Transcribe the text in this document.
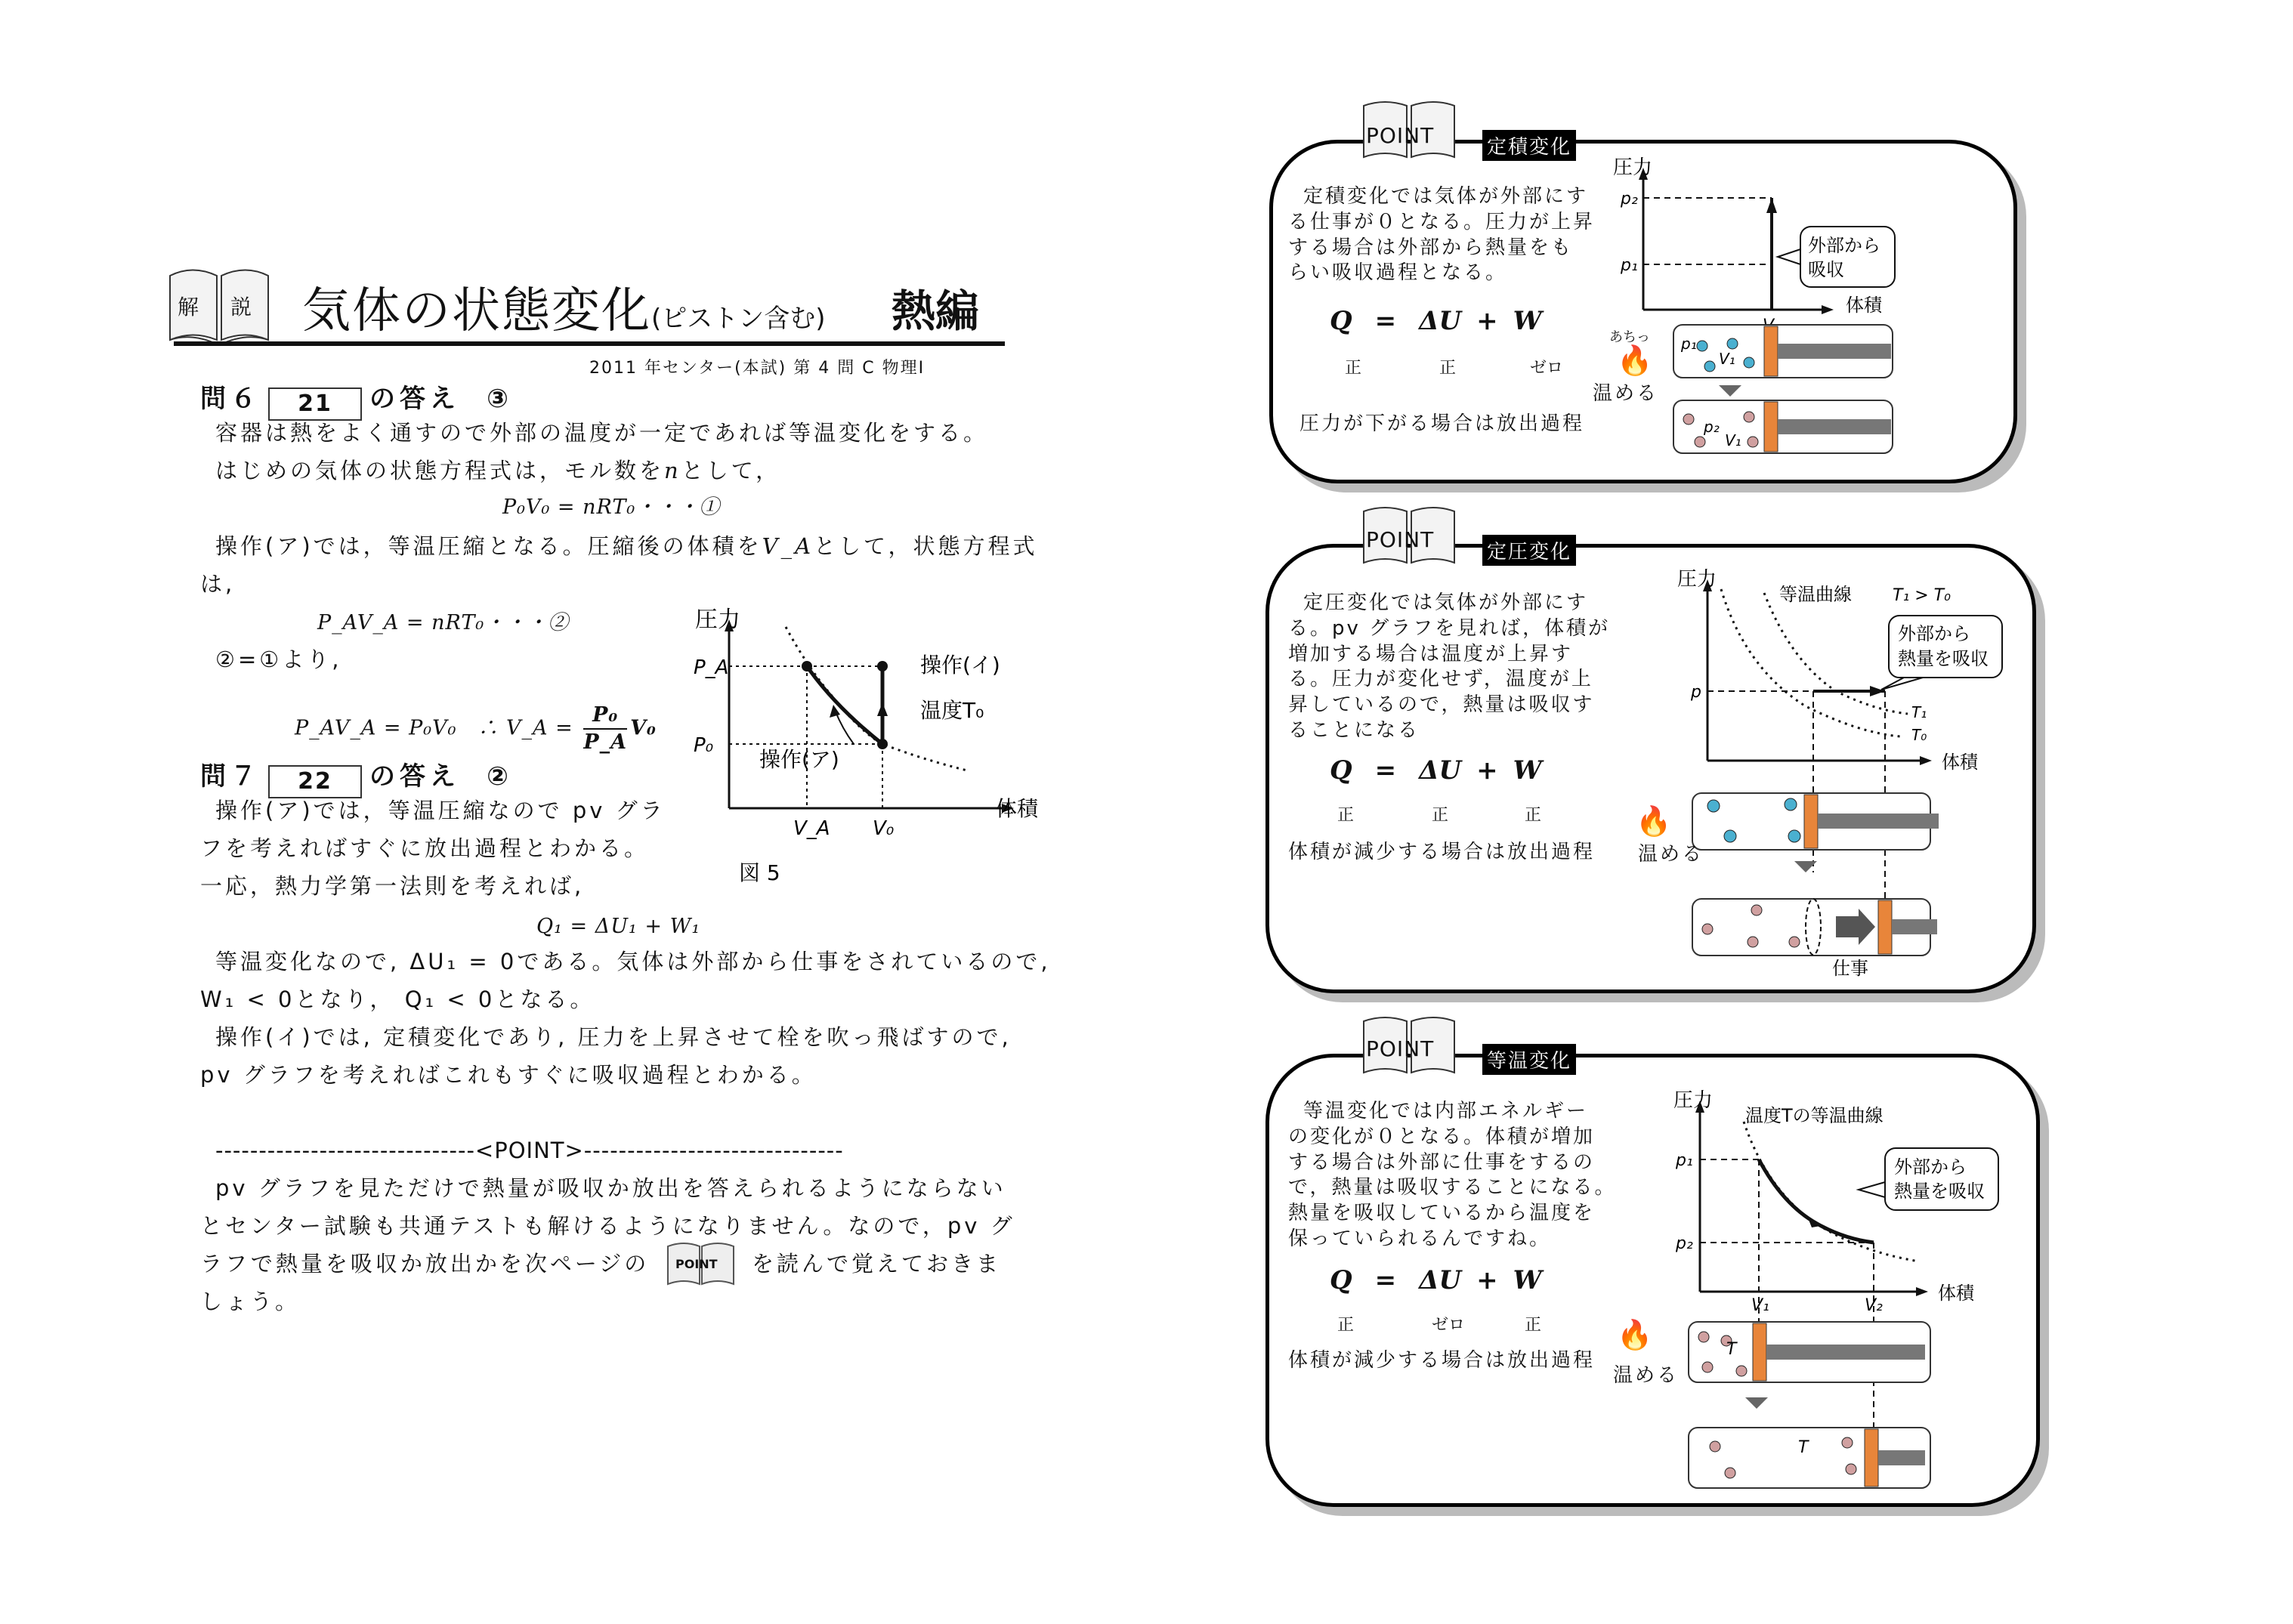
解 説 気体の状態変化(ピストン含む) 熱編
2011 年センター(本試) 第 4 問 C 物理Ⅰ
問６ 21 の答え ③
容器は熱をよく通すので外部の温度が一定であれば等温変化をする。
はじめの気体の状態方程式は，モル数をnとして，
P₀V₀ = nRT₀・・・①
操作(ア)では，等温圧縮となる。圧縮後の体積をV_Aとして，状態方程式
は,
P_AV_A = nRT₀・・・②
②=①より,
P_AV_A = P₀V₀　∴ V_A = $\frac{\text{P₀}}{P\_A} V_0$
圧力
体積
P_A
P₀
V_A V₀
操作(イ)
操作(ア)
温度T₀
図 5
問７ 22 の答え ②
操作(ア)では，等温圧縮なので pv グラ
フを考えればすぐに放出過程とわかる。
一応，熱力学第一法則を考えれば,
Q₁ = ΔU₁ + W₁
等温変化なので, ΔU₁ = 0である。気体は外部から仕事をされているので,
W₁ < 0となり， Q₁ < 0となる。
操作(イ)では, 定積変化であり, 圧力を上昇させて栓を吹っ飛ばすので,
pv グラフを考えればこれもすぐに吸収過程とわかる。
------------------------------<POINT>------------------------------
pv グラフを見ただけで熱量が吸収か放出を答えられるようにならない
とセンター試験も共通テストも解けるようになりません。なので，pv グ
ラフで熱量を吸収か放出かを次ページの POINT を読んで覚えておきま
しょう。
POINT	定積変化
定積変化では気体が外部にす
る仕事が０となる。圧力が上昇
する場合は外部から熱量をも
らい吸収過程となる。
Q = ΔU + W
正	正	ゼロ
圧力が下がる場合は放出過程
圧力
体積
p₂
p₁
外部から
吸収
p₁
V₁
p₂
V₁
あちっ
🔥
温める
POINT	定圧変化
定圧変化では気体が外部にす
る。pv グラフを見れば，体積が
増加する場合は温度が上昇す
る。圧力が変化せず，温度が上
昇しているので，熱量は吸収す
ることになる
Q = ΔU + W
正	正	正
体積が減少する場合は放出過程
圧力
体積
等温曲線 T₁ > T₀
p
T₁
T₀
外部から
熱量を吸収
仕事
🔥
温める
POINT	等温変化
等温変化では内部エネルギー
の変化が０となる。体積が増加
する場合は外部に仕事をするの
で，熱量は吸収することになる。
熱量を吸収しているから温度を
保っていられるんですね。
Q = ΔU + W
正	ゼロ	正
体積が減少する場合は放出過程
圧力
体積
温度Tの等温曲線
p₁
p₂
V₁	V₂
外部から
熱量を吸収
T
T
🔥
温める
